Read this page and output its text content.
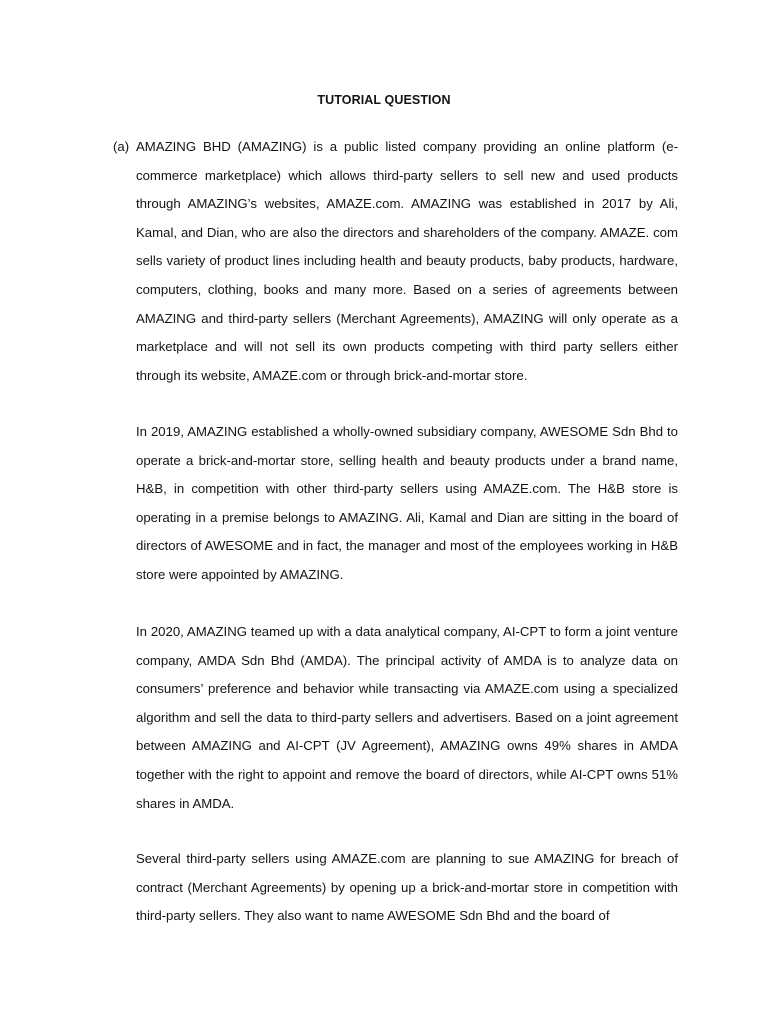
TUTORIAL QUESTION
(a) AMAZING BHD (AMAZING) is a public listed company providing an online platform (e-commerce marketplace) which allows third-party sellers to sell new and used products through AMAZING’s websites, AMAZE.com. AMAZING was established in 2017 by Ali, Kamal, and Dian, who are also the directors and shareholders of the company. AMAZE. com sells variety of product lines including health and beauty products, baby products, hardware, computers, clothing, books and many more. Based on a series of agreements between AMAZING and third-party sellers (Merchant Agreements), AMAZING will only operate as a marketplace and will not sell its own products competing with third party sellers either through its website, AMAZE.com or through brick-and-mortar store.

In 2019, AMAZING established a wholly-owned subsidiary company, AWESOME Sdn Bhd to operate a brick-and-mortar store, selling health and beauty products under a brand name, H&B, in competition with other third-party sellers using AMAZE.com. The H&B store is operating in a premise belongs to AMAZING. Ali, Kamal and Dian are sitting in the board of directors of AWESOME and in fact, the manager and most of the employees working in H&B store were appointed by AMAZING.

In 2020, AMAZING teamed up with a data analytical company, AI-CPT to form a joint venture company, AMDA Sdn Bhd (AMDA). The principal activity of AMDA is to analyze data on consumers’ preference and behavior while transacting via AMAZE.com using a specialized algorithm and sell the data to third-party sellers and advertisers. Based on a joint agreement between AMAZING and AI-CPT (JV Agreement), AMAZING owns 49% shares in AMDA together with the right to appoint and remove the board of directors, while AI-CPT owns 51% shares in AMDA.

Several third-party sellers using AMAZE.com are planning to sue AMAZING for breach of contract (Merchant Agreements) by opening up a brick-and-mortar store in competition with third-party sellers. They also want to name AWESOME Sdn Bhd and the board of
